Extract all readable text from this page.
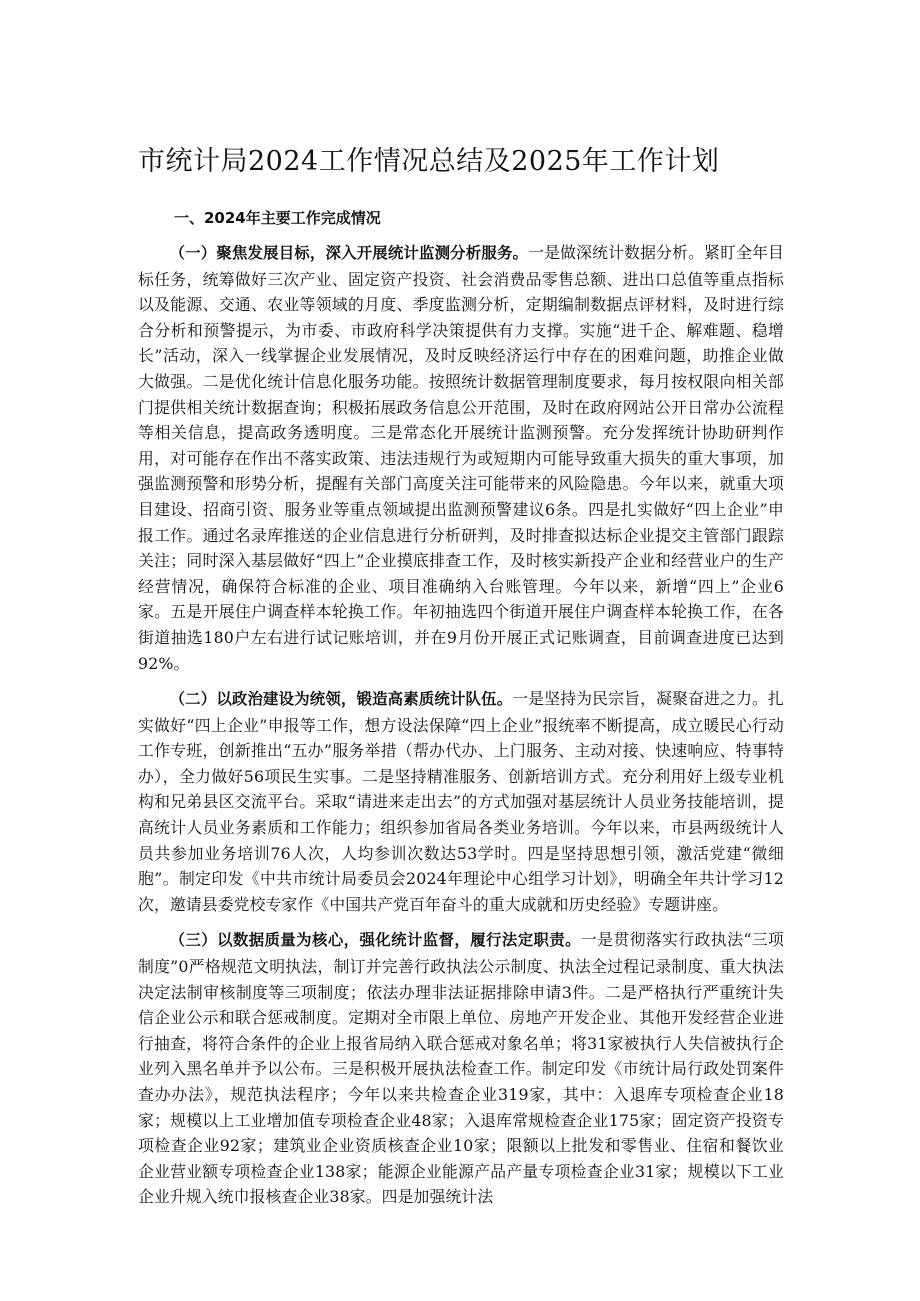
市统计局2024工作情况总结及2025年工作计划
一、2024年主要工作完成情况

（一）聚焦发展目标，深入开展统计监测分析服务。一是做深统计数据分析。紧盯全年目标任务，统筹做好三次产业、固定资产投资、社会消费品零售总额、进出口总值等重点指标以及能源、交通、农业等领域的月度、季度监测分析，定期编制数据点评材料，及时进行综合分析和预警提示，为市委、市政府科学决策提供有力支撑。实施“进千企、解难题、稳增长”活动，深入一线掌握企业发展情况，及时反映经济运行中存在的困难问题，助推企业做大做强。二是优化统计信息化服务功能。按照统计数据管理制度要求，每月按权限向相关部门提供相关统计数据查询；积极拓展政务信息公开范围，及时在政府网站公开日常办公流程等相关信息，提高政务透明度。三是常态化开展统计监测预警。充分发挥统计协助研判作用，对可能存在作出不落实政策、违法违规行为或短期内可能导致重大损失的重大事项，加强监测预警和形势分析，提醒有关部门高度关注可能带来的风险隐患。今年以来，就重大项目建设、招商引资、服务业等重点领域提出监测预警建议6条。四是扎实做好“四上企业”申报工作。通过名录库推送的企业信息进行分析研判，及时排查拟达标企业提交主管部门跟踪关注；同时深入基层做好“四上”企业摸底排查工作，及时核实新投产企业和经营业户的生产经营情况，确保符合标准的企业、项目准确纳入台账管理。今年以来，新增“四上”企业6家。五是开展住户调查样本轮换工作。年初抽选四个街道开展住户调查样本轮换工作，在各街道抽选180户左右进行试记账培训，并在9月份开展正式记账调查，目前调查进度已达到92%。

（二）以政治建设为统领，锻造高素质统计队伍。一是坚持为民宗旨，凝聚奋进之力。扎实做好“四上企业”申报等工作，想方设法保障“四上企业”报统率不断提高，成立暖民心行动工作专班，创新推出“五办”服务举措（帮办代办、上门服务、主动对接、快速响应、特事特办），全力做好56项民生实事。二是坚持精准服务、创新培训方式。充分利用好上级专业机构和兄弟县区交流平台。采取“请进来走出去”的方式加强对基层统计人员业务技能培训，提高统计人员业务素质和工作能力；组织参加省局各类业务培训。今年以来，市县两级统计人员共参加业务培训76人次，人均参训次数达53学时。四是坚持思想引领，激活党建“微细胞”。制定印发《中共市统计局委员会2024年理论中心组学习计划》，明确全年共计学习12次，邀请县委党校专家作《中国共产党百年奋斗的重大成就和历史经验》专题讲座。

（三）以数据质量为核心，强化统计监督，履行法定职责。一是贯彻落实行政执法“三项制度”0严格规范文明执法，制订并完善行政执法公示制度、执法全过程记录制度、重大执法决定法制审核制度等三项制度；依法办理非法证据排除申请3件。二是严格执行严重统计失信企业公示和联合惩戒制度。定期对全市限上单位、房地产开发企业、其他开发经营企业进行抽查，将符合条件的企业上报省局纳入联合惩戒对象名单；将31家被执行人失信被执行企业列入黑名单并予以公布。三是积极开展执法检查工作。制定印发《市统计局行政处罚案件查办办法》，规范执法程序；今年以来共检查企业319家，其中：入退库专项检查企业18家；规模以上工业增加值专项检查企业48家；入退库常规检查企业175家；固定资产投资专项检查企业92家；建筑业企业资质核查企业10家；限额以上批发和零售业、住宿和餐饮业企业营业额专项检查企业138家；能源企业能源产品产量专项检查企业31家；规模以下工业企业升规入统巾报核查企业38家。四是加强统计法
